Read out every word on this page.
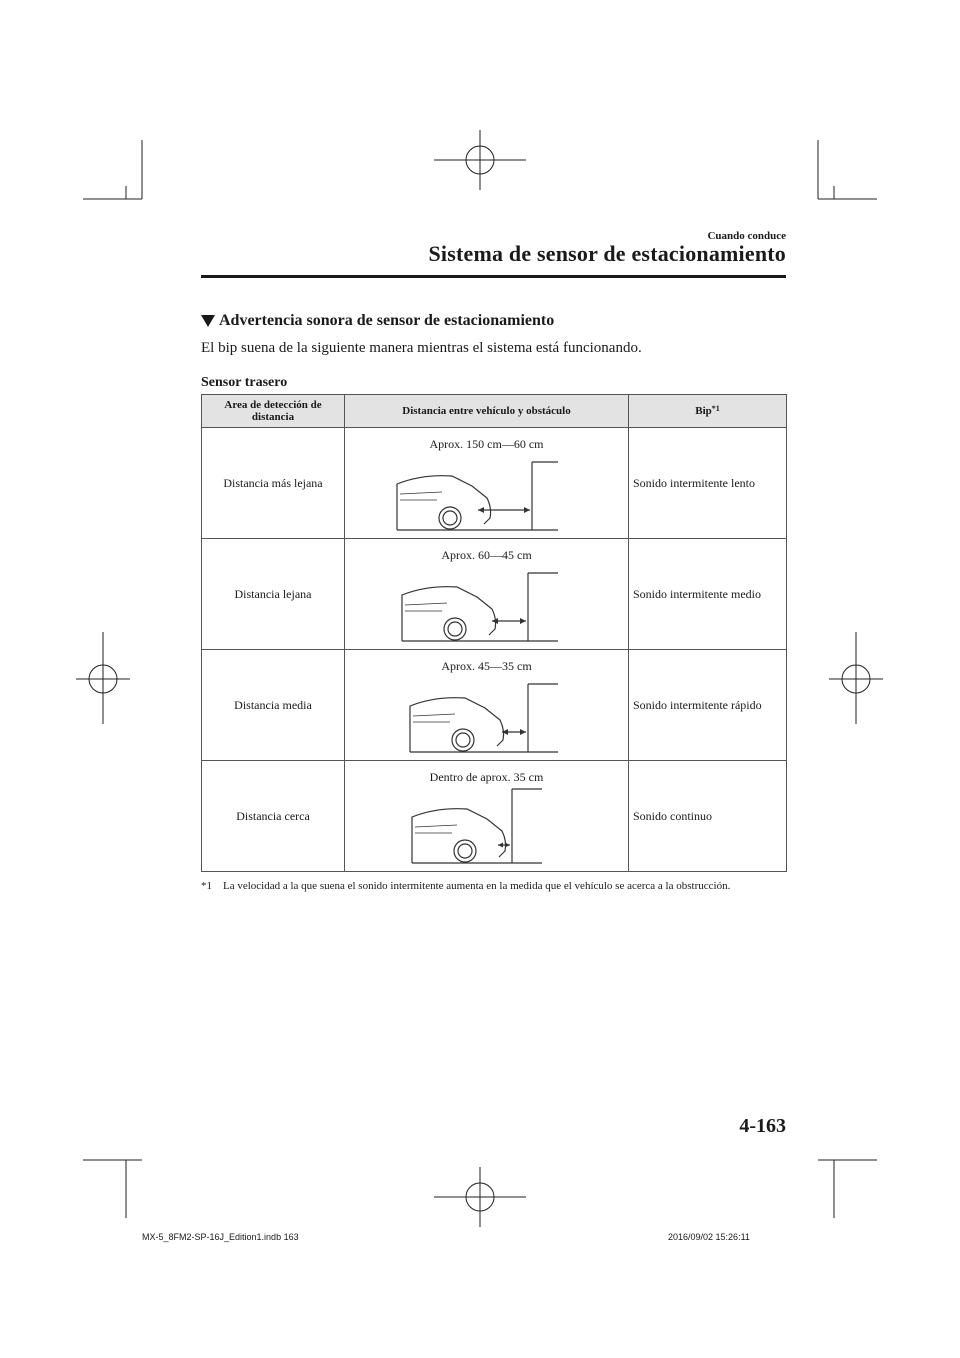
Cuando conduce
Sistema de sensor de estacionamiento
Advertencia sonora de sensor de estacionamiento
El bip suena de la siguiente manera mientras el sistema está funcionando.
Sensor trasero
Area de detección de distancia	Distancia entre vehículo y obstáculo	Bip$^{*1}$
Distancia más lejana	Aprox. 150 cm—60 cm	Sonido intermitente lento
Distancia lejana	Aprox. 60—45 cm	Sonido intermitente medio
Distancia media	Aprox. 45—35 cm	Sonido intermitente rápido
Distancia cerca	Dentro de aprox. 35 cm	Sonido continuo
*1	La velocidad a la que suena el sonido intermitente aumenta en la medida que el vehículo se acerca a la obstrucción.
4-163
MX-5_8FM2-SP-16J_Edition1.indb 163	2016/09/02 15:26:11
